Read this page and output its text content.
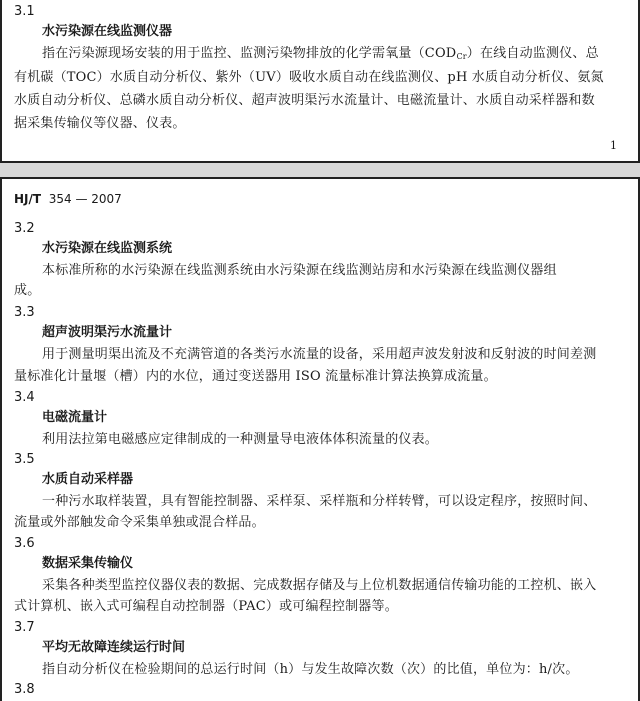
3.1
水污染源在线监测仪器
指在污染源现场安装的用于监控、监测污染物排放的化学需氧量$(COD_{Cr})$在线自动监测仪、总
有机碳（TOC）水质自动分析仪、紫外（UV）吸收水质自动在线监测仪、pH 水质自动分析仪、氨氮
水质自动分析仪、总磷水质自动分析仪、超声波明渠污水流量计、电磁流量计、水质自动采样器和数
据采集传输仪等仪器、仪表。
1
HJ/T 354 — 2007
3.2
水污染源在线监测系统
本标准所称的水污染源在线监测系统由水污染源在线监测站房和水污染源在线监测仪器组
成。
3.3
超声波明渠污水流量计
用于测量明渠出流及不充满管道的各类污水流量的设备，采用超声波发射波和反射波的时间差测
量标准化计量堰（槽）内的水位，通过变送器用 ISO 流量标准计算法换算成流量。
3.4
电磁流量计
利用法拉第电磁感应定律制成的一种测量导电液体体积流量的仪表。
3.5
水质自动采样器
一种污水取样装置，具有智能控制器、采样泵、采样瓶和分样转臂，可以设定程序，按照时间、
流量或外部触发命令采集单独或混合样品。
3.6
数据采集传输仪
采集各种类型监控仪器仪表的数据、完成数据存储及与上位机数据通信传输功能的工控机、嵌入
式计算机、嵌入式可编程自动控制器（PAC）或可编程控制器等。
3.7
平均无故障连续运行时间
指自动分析仪在检验期间的总运行时间（h）与发生故障次数（次）的比值，单位为：h/次。
3.8
